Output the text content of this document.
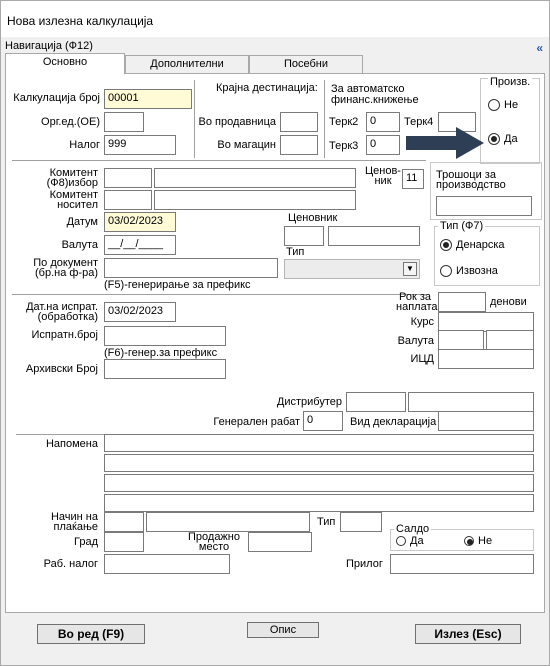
Нова излезна калкулација
Навигација (Ф12)	«
Основно	Дополнителни	Посебни
Калкулација број 00001
Орг.ед.(ОЕ)
Налог 999
Крајна дестинација:
Во продавница
Во магацин
За автоматско финанс.книжење
Терк2	0	Терк4
Терк3	0
Произв.
Не
Да
Комитент (Ф8)избор
Комитент носител
Датум 03/02/2023
Валута __/__/____
По документ (бр.на ф-ра)
(F5)-генерирање за префикс
Ценов-ник	11
Ценовник
Тип
▼
Трошоци за производство
Тип (Ф7)
Денарска
Извозна
Дат.на испрат. (обработка) 03/02/2023
Испратн.број
(F6)-генер.за префикс
Архивски Број
Рок за наплата	денови
Курс
Валута
ИЦД
Дистрибутер
Генерален рабат 0	Вид декларација
Напомена
Начин на плаќање	Тип
Град	Продажно место
Салдо
Да	Не
Раб. налог	Прилог
Во ред (F9)	Опис	Излез (Esc)
